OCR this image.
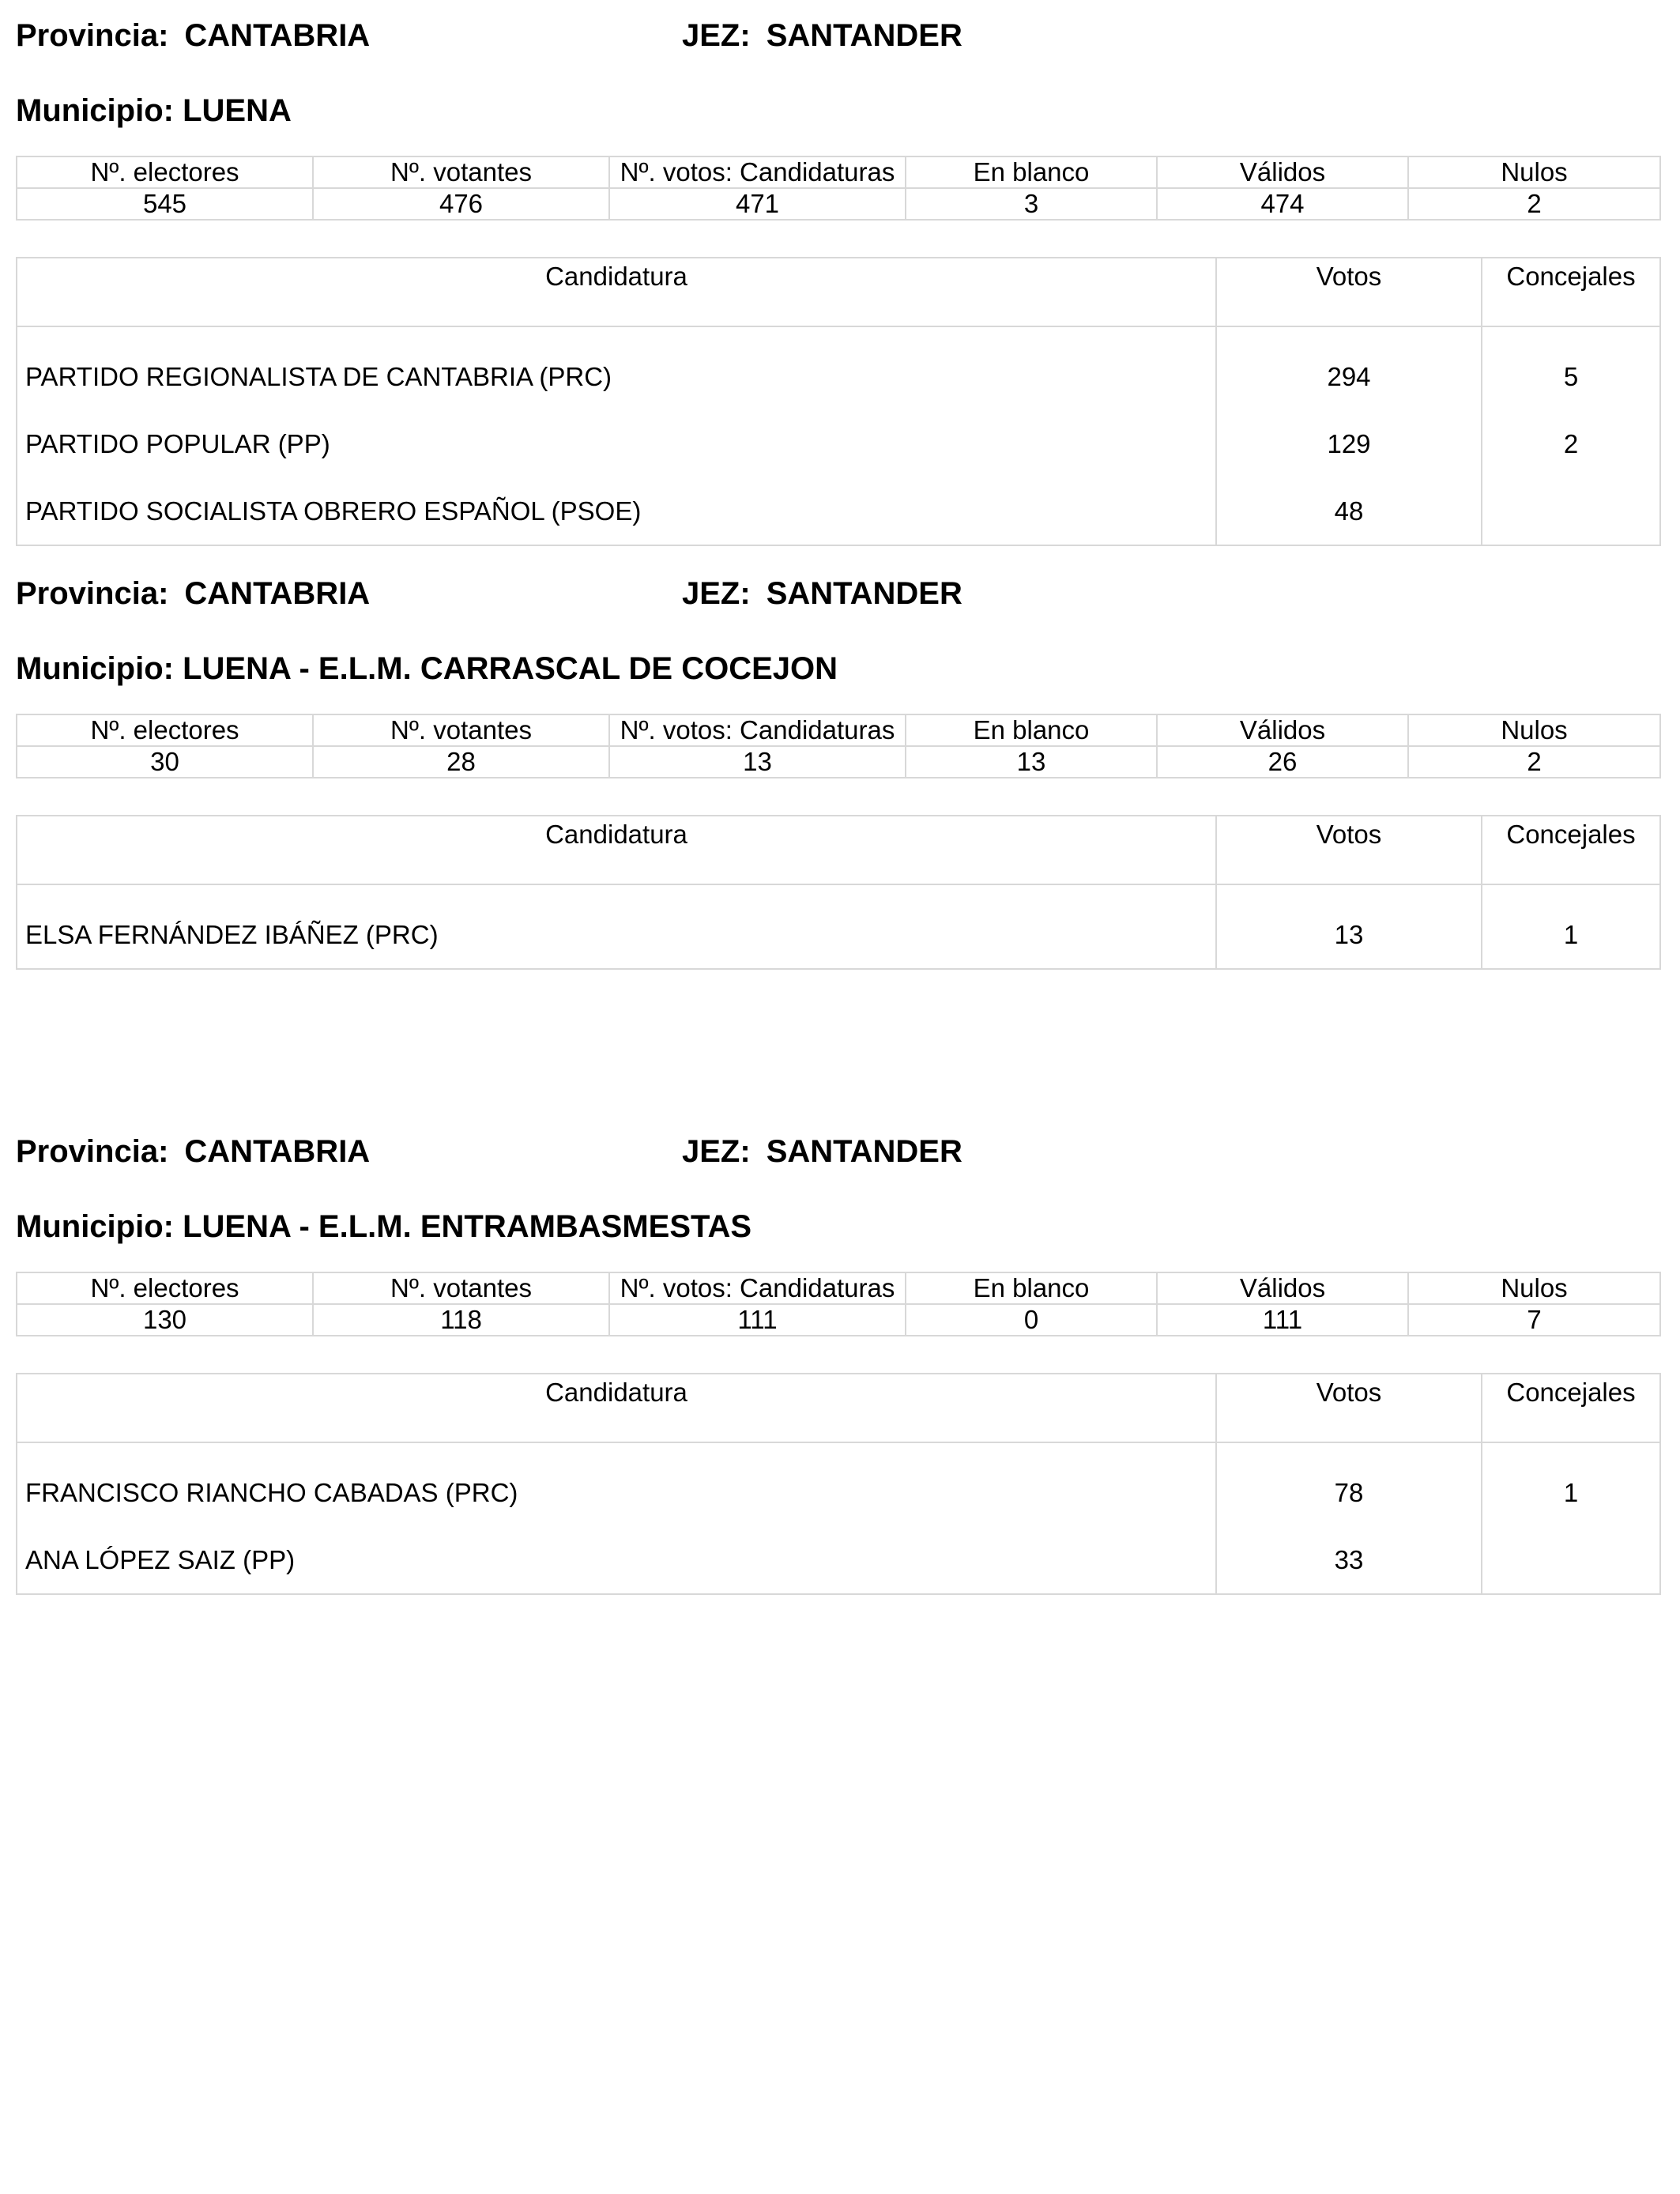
Provincia: CANTABRIA	JEZ: SANTANDER
Municipio: LUENA
Nº. electores	Nº. votantes	Nº. votos: Candidaturas	En blanco	Válidos	Nulos
545	476	471	3	474	2
Candidatura	Votos	Concejales
PARTIDO REGIONALISTA DE CANTABRIA (PRC)	294	5
PARTIDO POPULAR (PP)	129	2
PARTIDO SOCIALISTA OBRERO ESPAÑOL (PSOE)	48	
Provincia: CANTABRIA	JEZ: SANTANDER
Municipio: LUENA - E.L.M. CARRASCAL DE COCEJON
Nº. electores	Nº. votantes	Nº. votos: Candidaturas	En blanco	Válidos	Nulos
30	28	13	13	26	2
Candidatura	Votos	Concejales
ELSA FERNÁNDEZ IBÁÑEZ (PRC)	13	1
Provincia: CANTABRIA	JEZ: SANTANDER
Municipio: LUENA - E.L.M. ENTRAMBASMESTAS
Nº. electores	Nº. votantes	Nº. votos: Candidaturas	En blanco	Válidos	Nulos
130	118	111	0	111	7
Candidatura	Votos	Concejales
FRANCISCO RIANCHO CABADAS (PRC)	78	1
ANA LÓPEZ SAIZ (PP)	33	
